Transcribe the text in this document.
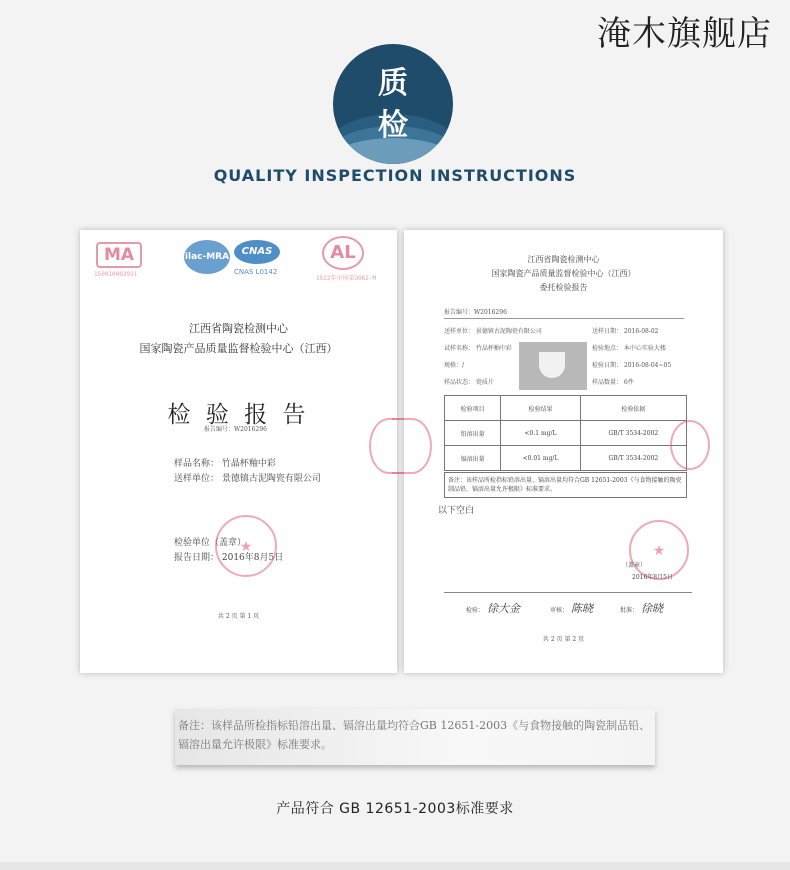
淹木旗舰店
质
检
QUALITY INSPECTION INSTRUCTIONS
MA
150010002931
ilac-MRA	CNAS
CNAS L0142
AL
1522年审核第3062-M
江西省陶瓷检测中心
国家陶瓷产品质量监督检验中心（江西）
检 验 报 告
报告编号：W2016296
样品名称： 竹晶杯釉中彩
送样单位： 景德镇古泥陶瓷有限公司
检验单位（盖章）
报告日期： 2016年8月5日
★
共 2 页 第 1 页
江西省陶瓷检测中心
国家陶瓷产品质量监督检验中心（江西）
委托检验报告
报告编号：W2016296
送样单位： 景德镇古泥陶瓷有限公司
试样名称： 竹晶杯釉中彩
规格：/
样品状态： 瓷质片
送样日期： 2016-08-02
检验地点： 本中心实验大楼
检验日期： 2016-08-04~05
样品数量： 6件
检验项目	检验结果	检验依据
铅溶出量	<0.1 mg/L	GB/T 3534-2002
镉溶出量	<0.01 mg/L	GB/T 3534-2002
备注：该样品所检指标铅溶出量、镉溶出量均符合GB 12651-2003《与食物接触的陶瓷制品铅、镉溶出量允许极限》标准要求。
以下空白
★
（盖章）
2016年8月5日
检验： 徐大金	审核： 陈晓	批准： 徐晓
共 2 页 第 2 页
备注：该样品所检指标铅溶出量、镉溶出量均符合GB 12651-2003《与食物接触的陶瓷制品铅、镉溶出量允许极限》标准要求。
产品符合 GB 12651-2003标准要求
